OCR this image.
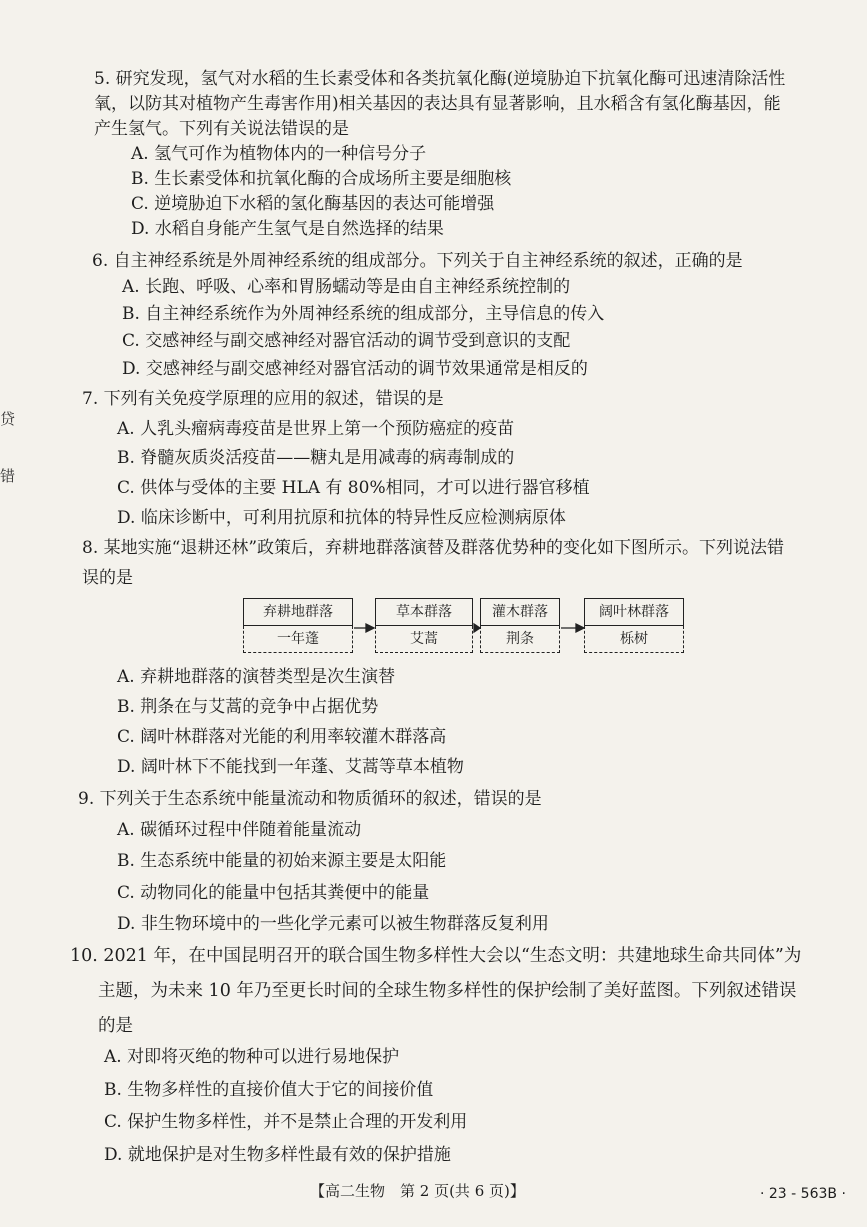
贷
错
5. 研究发现，氢气对水稻的生长素受体和各类抗氧化酶(逆境胁迫下抗氧化酶可迅速清除活性
氧，以防其对植物产生毒害作用)相关基因的表达具有显著影响，且水稻含有氢化酶基因，能
产生氢气。下列有关说法错误的是
A. 氢气可作为植物体内的一种信号分子
B. 生长素受体和抗氧化酶的合成场所主要是细胞核
C. 逆境胁迫下水稻的氢化酶基因的表达可能增强
D. 水稻自身能产生氢气是自然选择的结果
6. 自主神经系统是外周神经系统的组成部分。下列关于自主神经系统的叙述，正确的是
A. 长跑、呼吸、心率和胃肠蠕动等是由自主神经系统控制的
B. 自主神经系统作为外周神经系统的组成部分，主导信息的传入
C. 交感神经与副交感神经对器官活动的调节受到意识的支配
D. 交感神经与副交感神经对器官活动的调节效果通常是相反的
7. 下列有关免疫学原理的应用的叙述，错误的是
A. 人乳头瘤病毒疫苗是世界上第一个预防癌症的疫苗
B. 脊髓灰质炎活疫苗——糖丸是用减毒的病毒制成的
C. 供体与受体的主要 HLA 有 80%相同，才可以进行器官移植
D. 临床诊断中，可利用抗原和抗体的特异性反应检测病原体
8. 某地实施“退耕还林”政策后，弃耕地群落演替及群落优势种的变化如下图所示。下列说法错
误的是
弃耕地群落
一年蓬
草本群落
艾蒿
灌木群落
荆条
阔叶林群落
栎树
A. 弃耕地群落的演替类型是次生演替
B. 荆条在与艾蒿的竞争中占据优势
C. 阔叶林群落对光能的利用率较灌木群落高
D. 阔叶林下不能找到一年蓬、艾蒿等草本植物
9. 下列关于生态系统中能量流动和物质循环的叙述，错误的是
A. 碳循环过程中伴随着能量流动
B. 生态系统中能量的初始来源主要是太阳能
C. 动物同化的能量中包括其粪便中的能量
D. 非生物环境中的一些化学元素可以被生物群落反复利用
10. 2021 年，在中国昆明召开的联合国生物多样性大会以“生态文明：共建地球生命共同体”为
主题，为未来 10 年乃至更长时间的全球生物多样性的保护绘制了美好蓝图。下列叙述错误
的是
A. 对即将灭绝的物种可以进行易地保护
B. 生物多样性的直接价值大于它的间接价值
C. 保护生物多样性，并不是禁止合理的开发利用
D. 就地保护是对生物多样性最有效的保护措施
【高二生物　第 2 页(共 6 页)】	· 23 - 563B ·
